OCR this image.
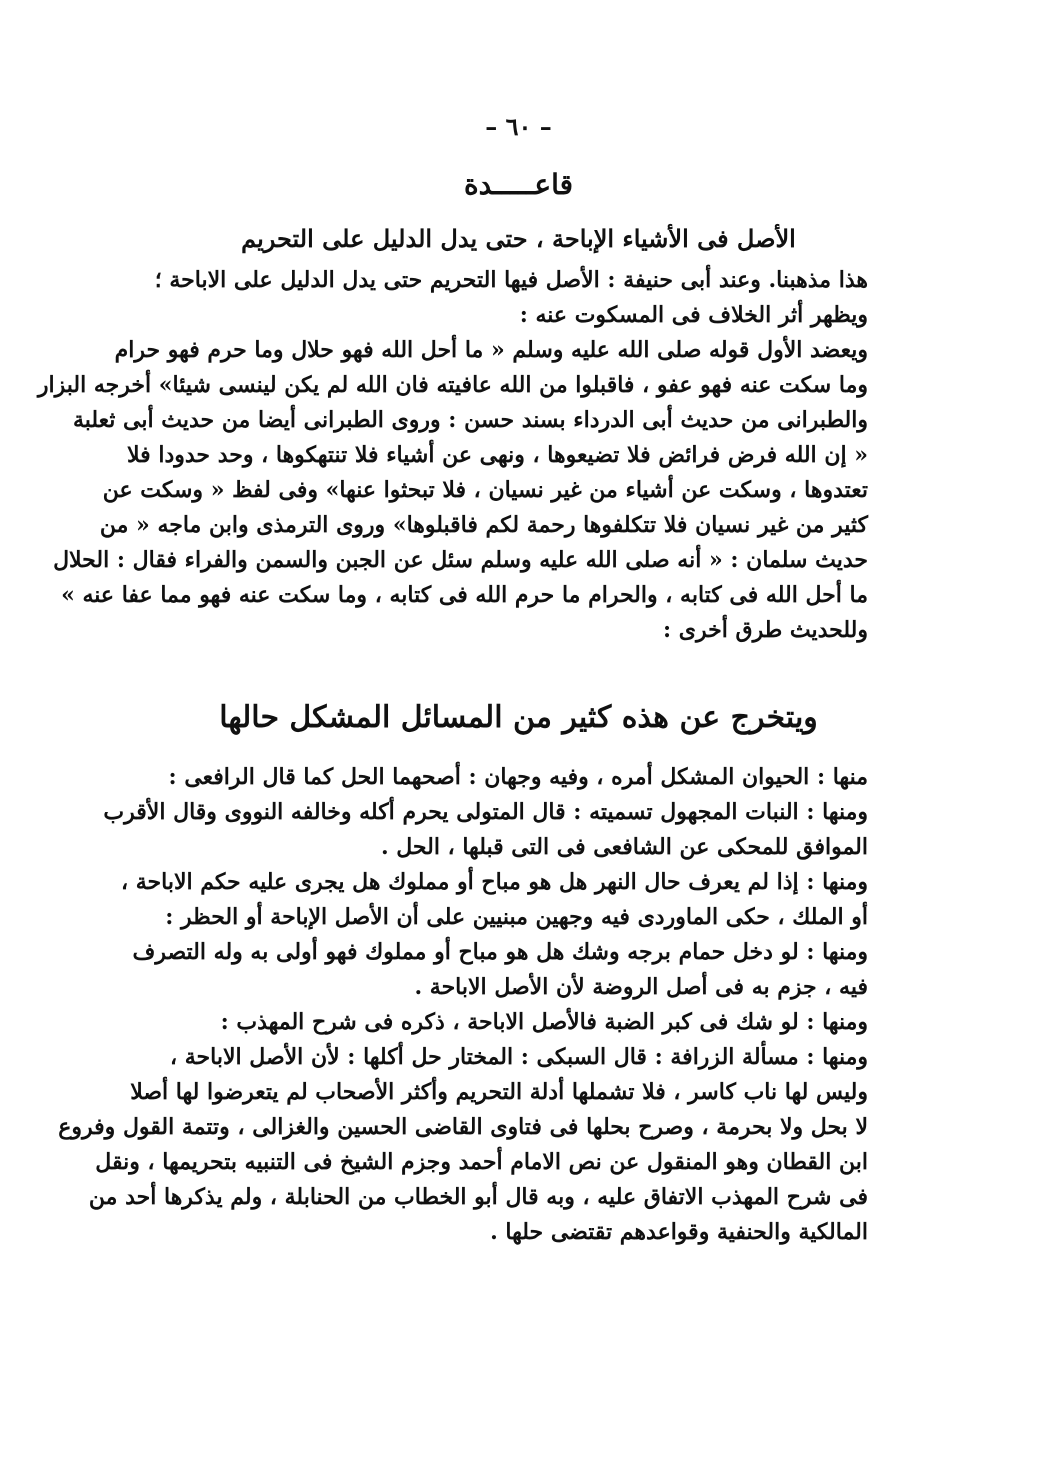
– ٦٠ –
قاعـــــدة
الأصل فى الأشياء الإباحة ، حتى يدل الدليل على التحريم
هذا مذهبنا. وعند أبى حنيفة : الأصل فيها التحريم حتى يدل الدليل على الاباحة ؛
ويظهر أثر الخلاف فى المسكوت عنه :
ويعضد الأول قوله صلى الله عليه وسلم « ما أحل الله فهو حلال وما حرم فهو حرام
وما سكت عنه فهو عفو ، فاقبلوا من الله عافيته فان الله لم يكن لينسى شيئا» أخرجه البزار
والطبرانى من حديث أبى الدرداء بسند حسن : وروى الطبرانى أيضا من حديث أبى ثعلبة
« إن الله فرض فرائض فلا تضيعوها ، ونهى عن أشياء فلا تنتهكوها ، وحد حدودا فلا
تعتدوها ، وسكت عن أشياء من غير نسيان ، فلا تبحثوا عنها» وفى لفظ « وسكت عن
كثير من غير نسيان فلا تتكلفوها رحمة لكم فاقبلوها» وروى الترمذى وابن ماجه « من
حديث سلمان : « أنه صلى الله عليه وسلم سئل عن الجبن والسمن والفراء فقال : الحلال
ما أحل الله فى كتابه ، والحرام ما حرم الله فى كتابه ، وما سكت عنه فهو مما عفا عنه »
وللحديث طرق أخرى :
ويتخرج عن هذه كثير من المسائل المشكل حالها
منها : الحيوان المشكل أمره ، وفيه وجهان : أصحهما الحل كما قال الرافعى :
ومنها : النبات المجهول تسميته : قال المتولى يحرم أكله وخالفه النووى وقال الأقرب
الموافق للمحكى عن الشافعى فى التى قبلها ، الحل .
ومنها : إذا لم يعرف حال النهر هل هو مباح أو مملوك هل يجرى عليه حكم الاباحة ،
أو الملك ، حكى الماوردى فيه وجهين مبنيين على أن الأصل الإباحة أو الحظر :
ومنها : لو دخل حمام برجه وشك هل هو مباح أو مملوك فهو أولى به وله التصرف
فيه ، جزم به فى أصل الروضة لأن الأصل الاباحة .
ومنها : لو شك فى كبر الضبة فالأصل الاباحة ، ذكره فى شرح المهذب :
ومنها : مسألة الزرافة : قال السبكى : المختار حل أكلها : لأن الأصل الاباحة ،
وليس لها ناب كاسر ، فلا تشملها أدلة التحريم وأكثر الأصحاب لم يتعرضوا لها أصلا
لا بحل ولا بحرمة ، وصرح بحلها فى فتاوى القاضى الحسين والغزالى ، وتتمة القول وفروع
ابن القطان وهو المنقول عن نص الامام أحمد وجزم الشيخ فى التنبيه بتحريمها ، ونقل
فى شرح المهذب الاتفاق عليه ، وبه قال أبو الخطاب من الحنابلة ، ولم يذكرها أحد من
المالكية والحنفية وقواعدهم تقتضى حلها .
